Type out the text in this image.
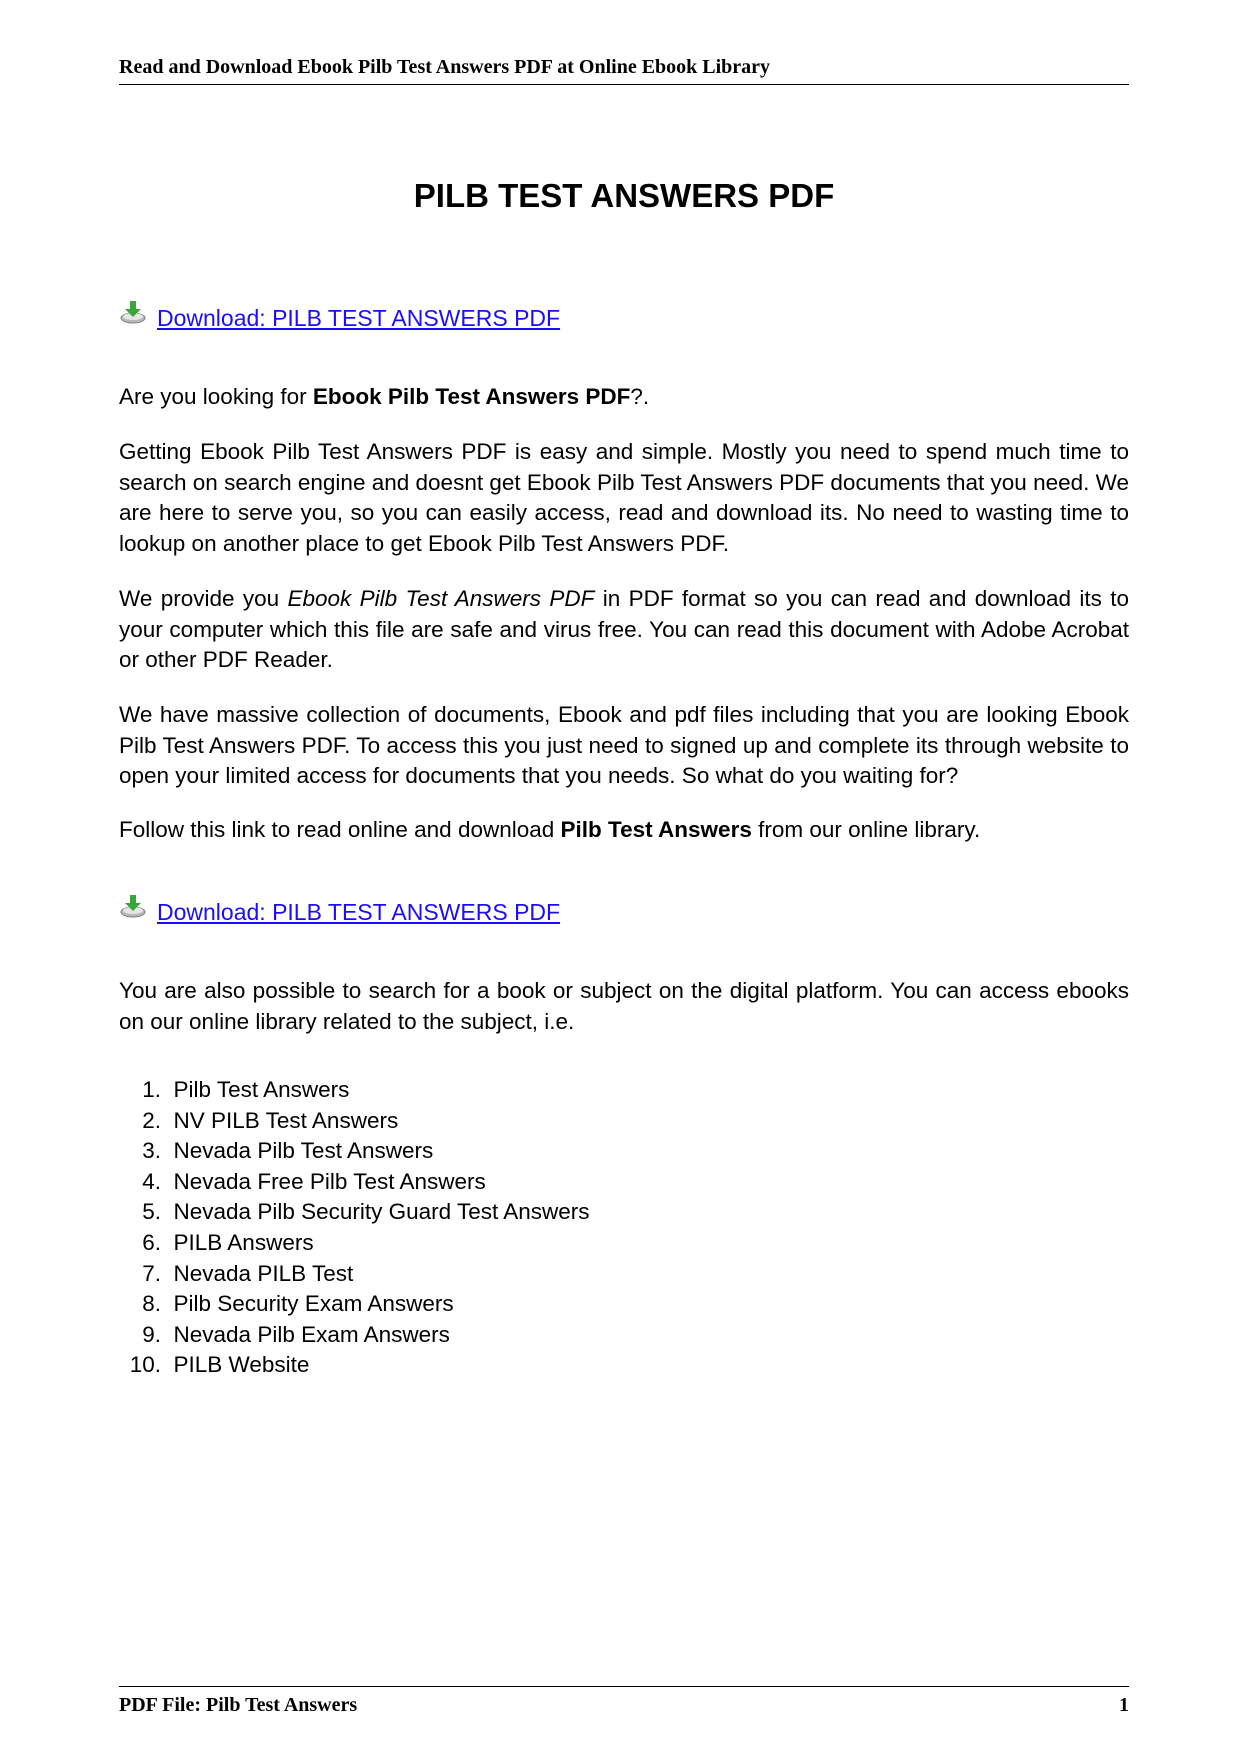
Read and Download Ebook Pilb Test Answers PDF at Online Ebook Library
PILB TEST ANSWERS PDF
Download: PILB TEST ANSWERS PDF

Are you looking for Ebook Pilb Test Answers PDF?.

Getting Ebook Pilb Test Answers PDF is easy and simple. Mostly you need to spend much time to search on search engine and doesnt get Ebook Pilb Test Answers PDF documents that you need. We are here to serve you, so you can easily access, read and download its. No need to wasting time to lookup on another place to get Ebook Pilb Test Answers PDF.

We provide you Ebook Pilb Test Answers PDF in PDF format so you can read and download its to your computer which this file are safe and virus free. You can read this document with Adobe Acrobat or other PDF Reader.

We have massive collection of documents, Ebook and pdf files including that you are looking Ebook Pilb Test Answers PDF. To access this you just need to signed up and complete its through website to open your limited access for documents that you needs. So what do you waiting for?

Follow this link to read online and download Pilb Test Answers from our online library.

Download: PILB TEST ANSWERS PDF

You are also possible to search for a book or subject on the digital platform. You can access ebooks on our online library related to the subject, i.e.

1.
Pilb Test Answers
2.
NV PILB Test Answers
3.
Nevada Pilb Test Answers
4.
Nevada Free Pilb Test Answers
5.
Nevada Pilb Security Guard Test Answers
6.
PILB Answers
7.
Nevada PILB Test
8.
Pilb Security Exam Answers
9.
Nevada Pilb Exam Answers
10.
PILB Website
PDF File: Pilb Test Answers	1
